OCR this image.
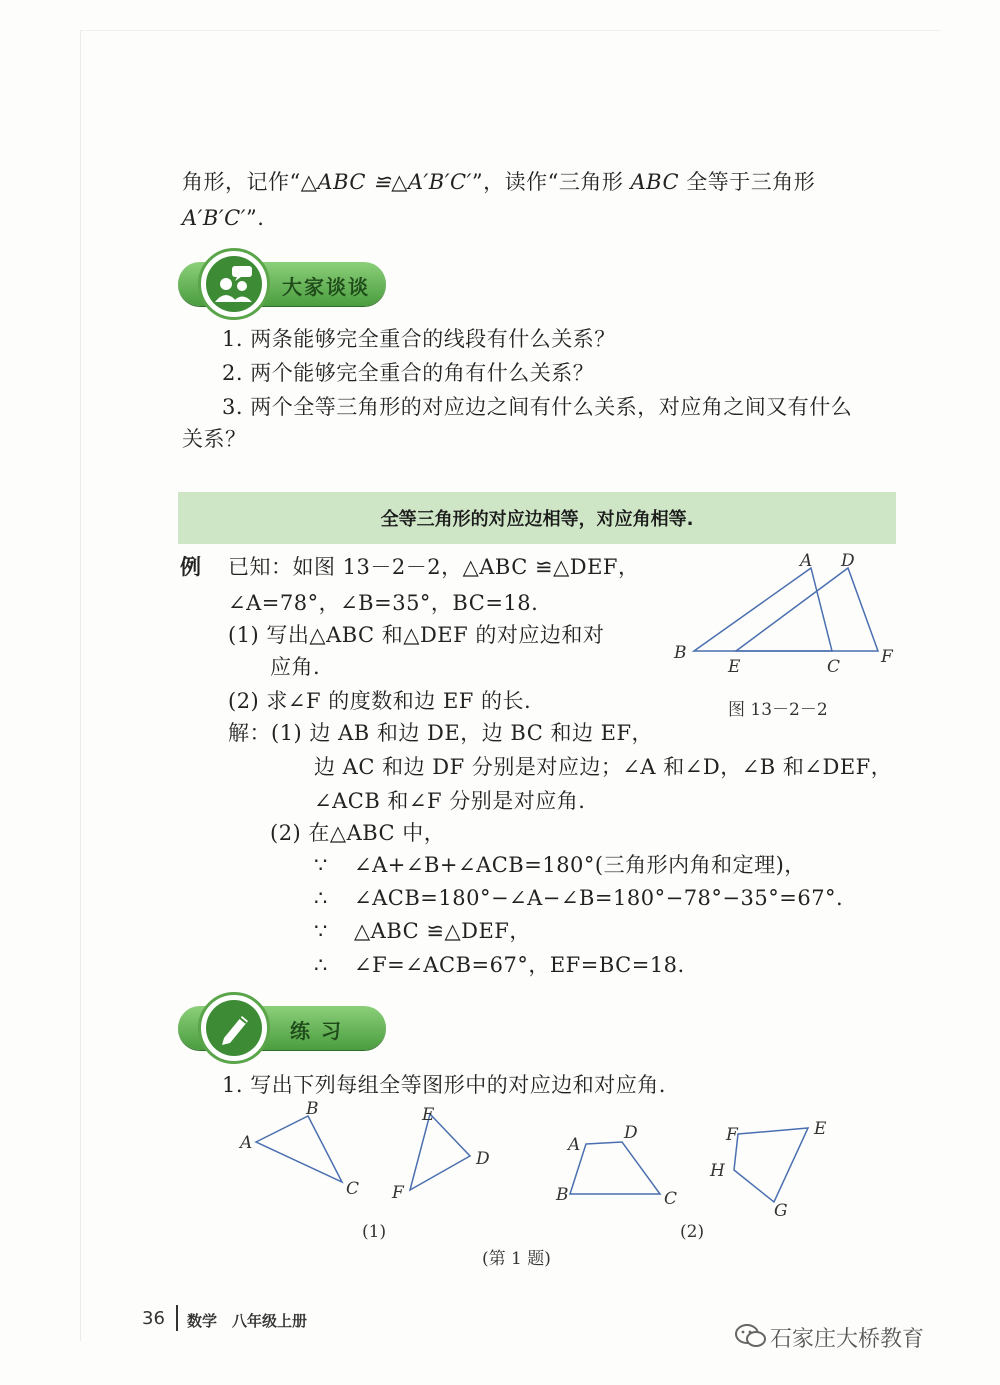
角形，记作“△ABC ≌△A′B′C′”，读作“三角形 ABC 全等于三角形
A′B′C′”.
大家谈谈
1. 两条能够完全重合的线段有什么关系？
2. 两个能够完全重合的角有什么关系？
3. 两个全等三角形的对应边之间有什么关系，对应角之间又有什么
关系？
全等三角形的对应边相等，对应角相等.
例 已知：如图 13－2－2，△ABC ≌△DEF，
∠A=78°，∠B=35°，BC=18.
(1) 写出△ABC 和△DEF 的对应边和对
应角.
(2) 求∠F 的度数和边 EF 的长.
A D
B
E	C F
图 13－2－2
解：(1) 边 AB 和边 DE，边 BC 和边 EF，
边 AC 和边 DF 分别是对应边；∠A 和∠D，∠B 和∠DEF，
∠ACB 和∠F 分别是对应角.
(2) 在△ABC 中，
∵ ∠A+∠B+∠ACB=180°(三角形内角和定理)，
∴ ∠ACB=180°−∠A−∠B=180°−78°−35°=67°.
∵ △ABC ≌△DEF，
∴ ∠F=∠ACB=67°，EF=BC=18.
练 习
1. 写出下列每组全等图形中的对应边和对应角.
A
B
C
E
D
F
(1)
A
D
B	C
F	E
H
G
(2)
(第 1 题)
36 数学　八年级上册
石家庄大桥教育
